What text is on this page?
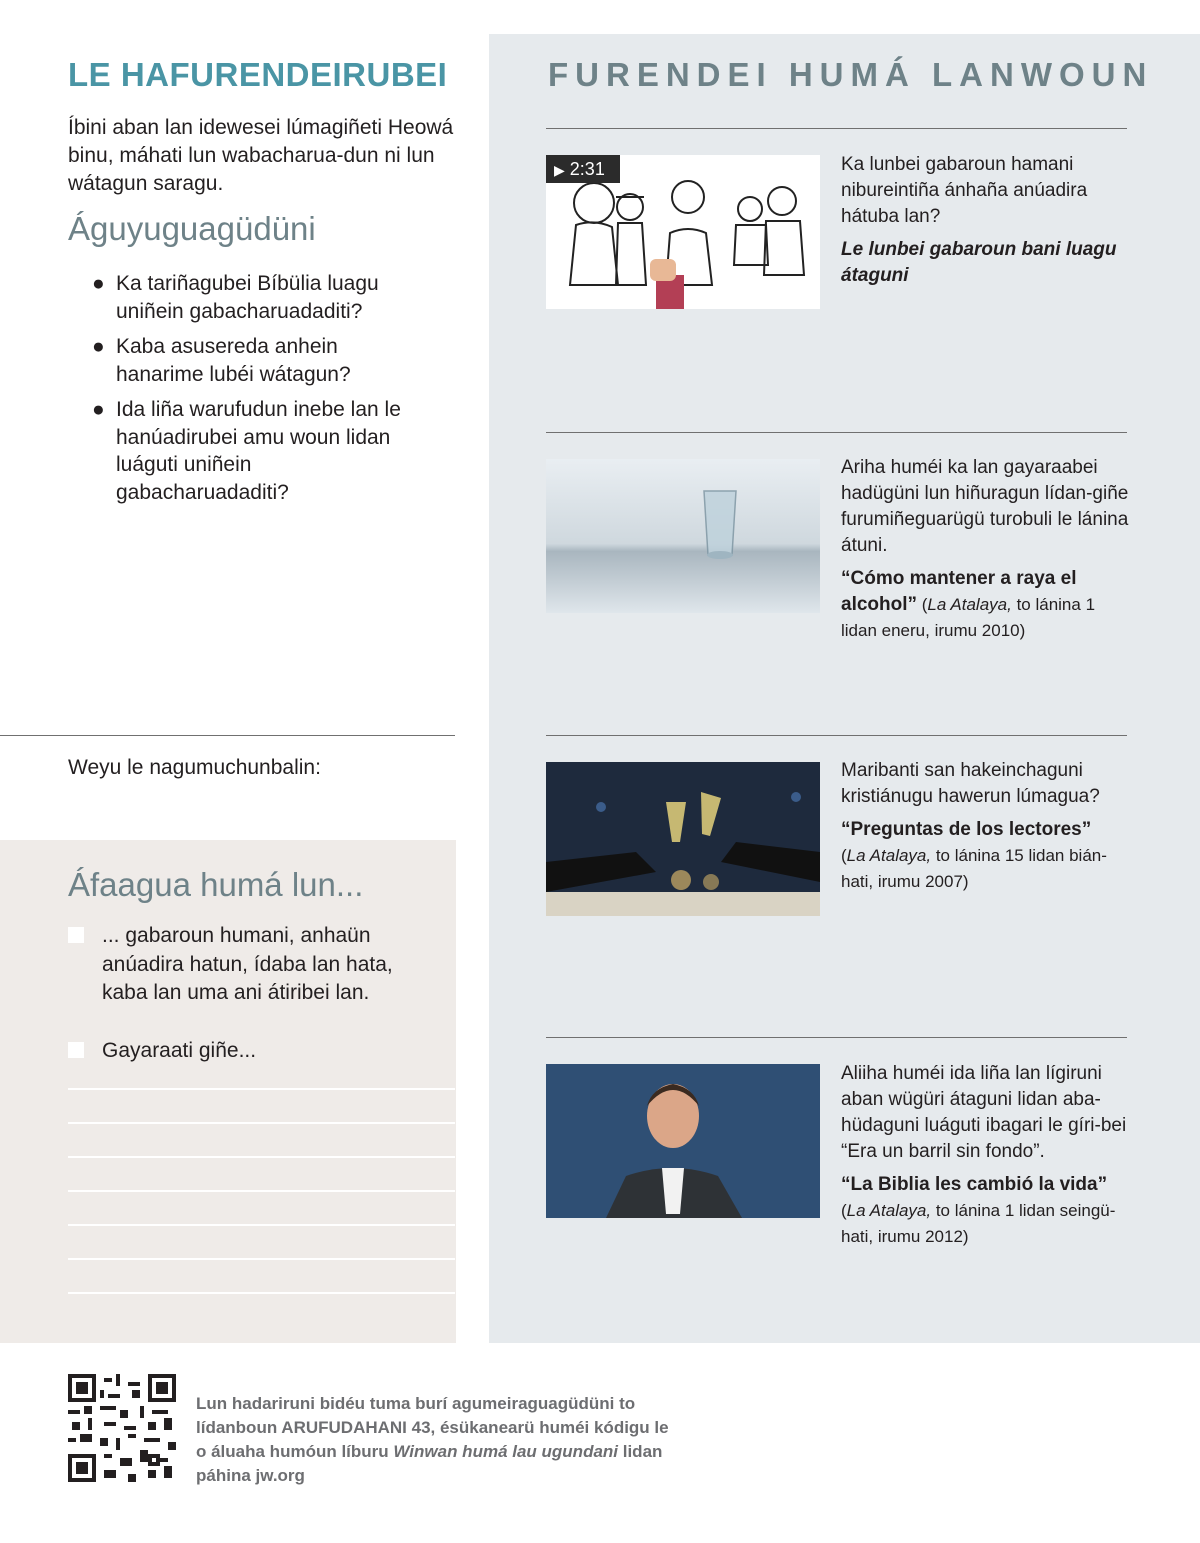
LE HAFURENDEIRUBEI
Íbini aban lan idewesei lúmagiñeti Heowá binu, máhati lun wabacharua-dun ni lun wátagun saragu.
Águyuguagüdüni
● Ka tariñagubei Bíbülia luagu uniñein gabacharuadaditi?
● Kaba asusereda anhein hanarime lubéi wátagun?
● Ida liña warufudun inebe lan le hanúadirubei amu woun lidan luáguti uniñein gabacharuadaditi?
Weyu le nagumuchunbalin:
Áfaagua humá lun...
... gabaroun humani, anhaün anúadira hatun, ídaba lan hata, kaba lan uma ani átiribei lan.
Gayaraati giñe...
FURENDEI HUMÁ LANWOUN
▶ 2:31	Ka lunbei gabaroun hamani nibureintiña ánhaña anúadira hátuba lan?
Le lunbei gabaroun bani luagu átaguni
Ariha huméi ka lan gayaraabei hadügüni lun hiñuragun lídan-giñe furumiñeguarügü turobuli le lánina átuni.
“Cómo mantener a raya el alcohol” (La Atalaya, to lánina 1 lidan eneru, irumu 2010)
Maribanti san hakeinchaguni kristiánugu hawerun lúmagua?
“Preguntas de los lectores”
(La Atalaya, to lánina 15 lidan bián-hati, irumu 2007)
Aliiha huméi ida liña lan lígiruni aban wügüri átaguni lidan aba-hüdaguni luáguti ibagari le gíri-bei “Era un barril sin fondo”.
“La Biblia les cambió la vida”
(La Atalaya, to lánina 1 lidan seingü-hati, irumu 2012)
Lun hadariruni bidéu tuma burí agumeiraguagüdüni to lídanboun ARUFUDAHANI 43, ésükanearü huméi kódigu le o áluaha humóun líburu Winwan humá lau ugundani lidan páhina jw.org
